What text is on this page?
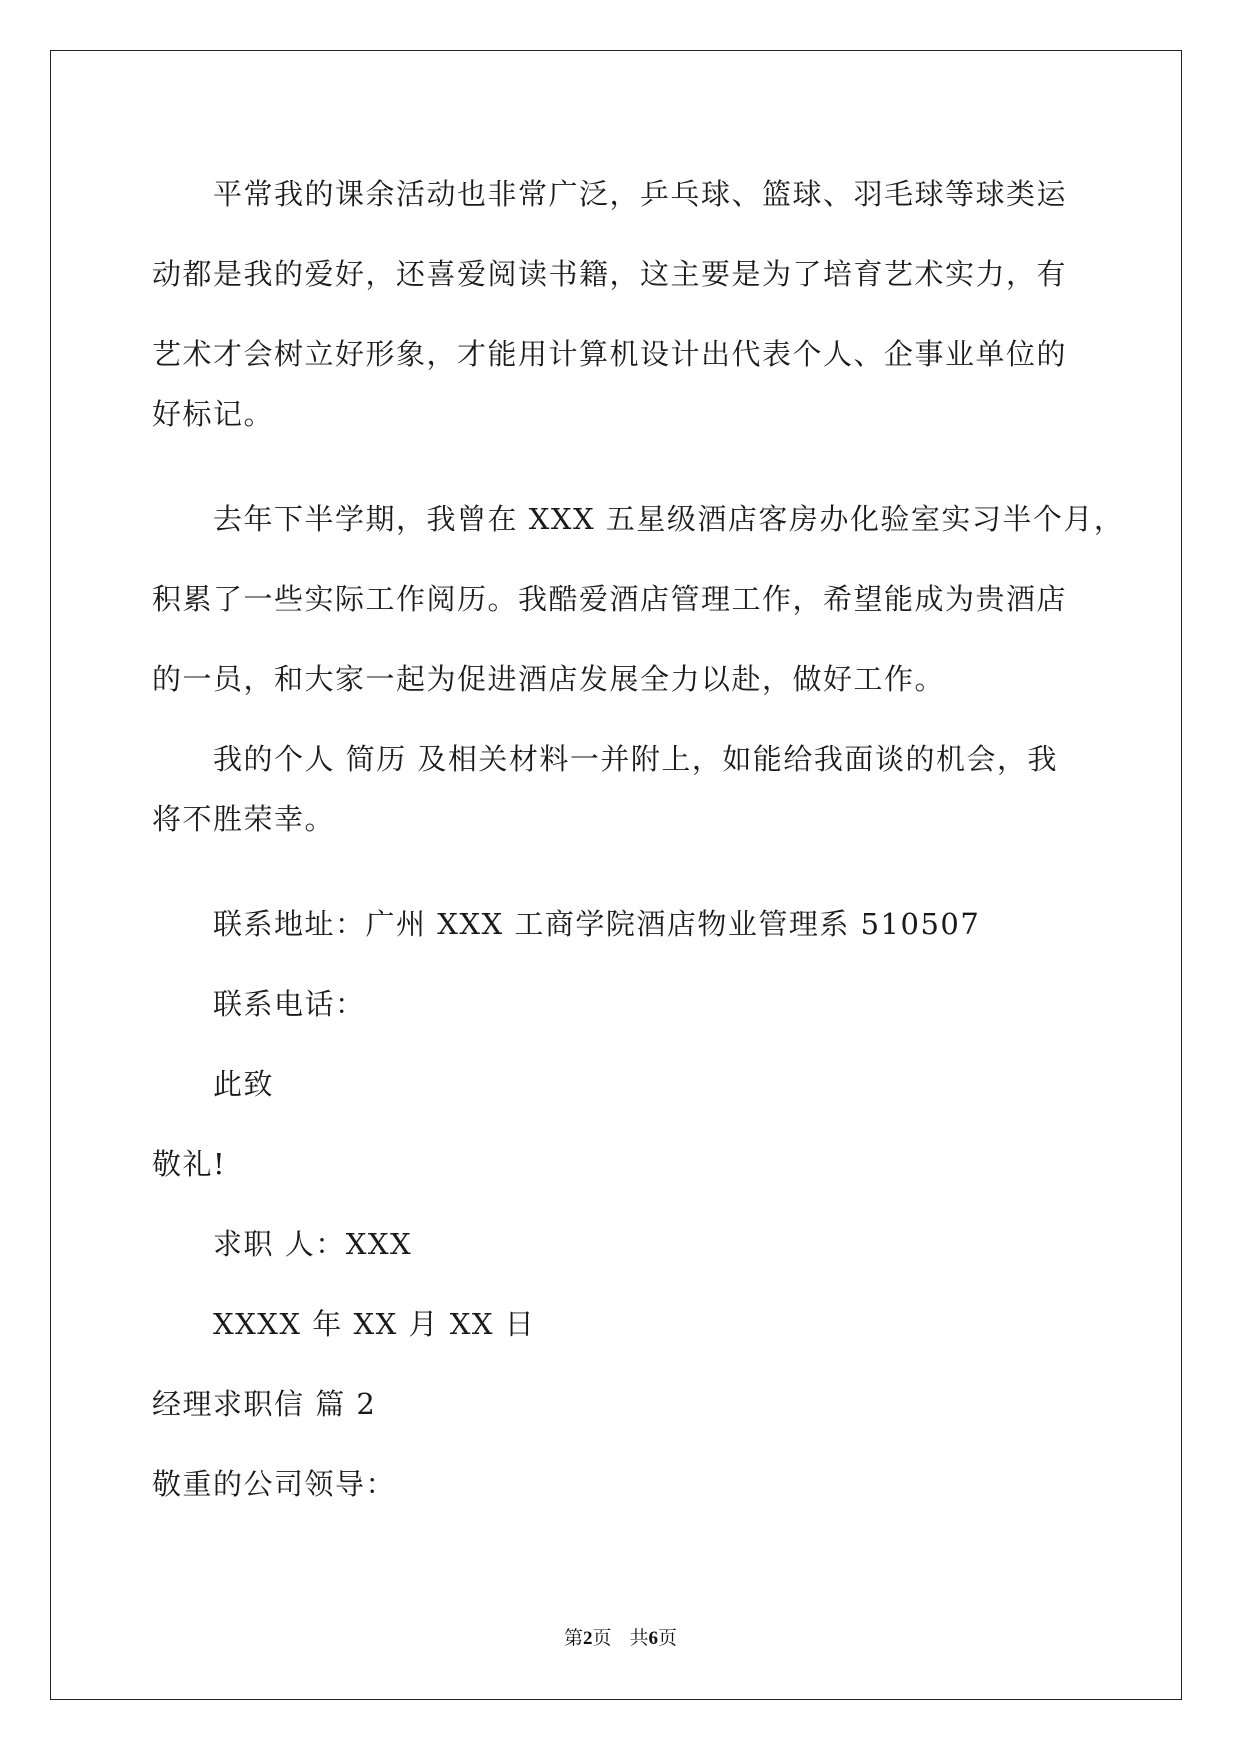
平常我的课余活动也非常广泛，乒乓球、篮球、羽毛球等球类运
动都是我的爱好，还喜爱阅读书籍，这主要是为了培育艺术实力，有
艺术才会树立好形象，才能用计算机设计出代表个人、企事业单位的
好标记。
去年下半学期，我曾在 XXX 五星级酒店客房办化验室实习半个月，
积累了一些实际工作阅历。我酷爱酒店管理工作，希望能成为贵酒店
的一员，和大家一起为促进酒店发展全力以赴，做好工作。
我的个人 简历 及相关材料一并附上，如能给我面谈的机会，我
将不胜荣幸。
联系地址：广州 XXX 工商学院酒店物业管理系 510507
联系电话：
此致
敬礼!
求职 人：XXX
XXXX 年 XX 月 XX 日
经理求职信 篇 2
敬重的公司领导：
第2页 共6页
